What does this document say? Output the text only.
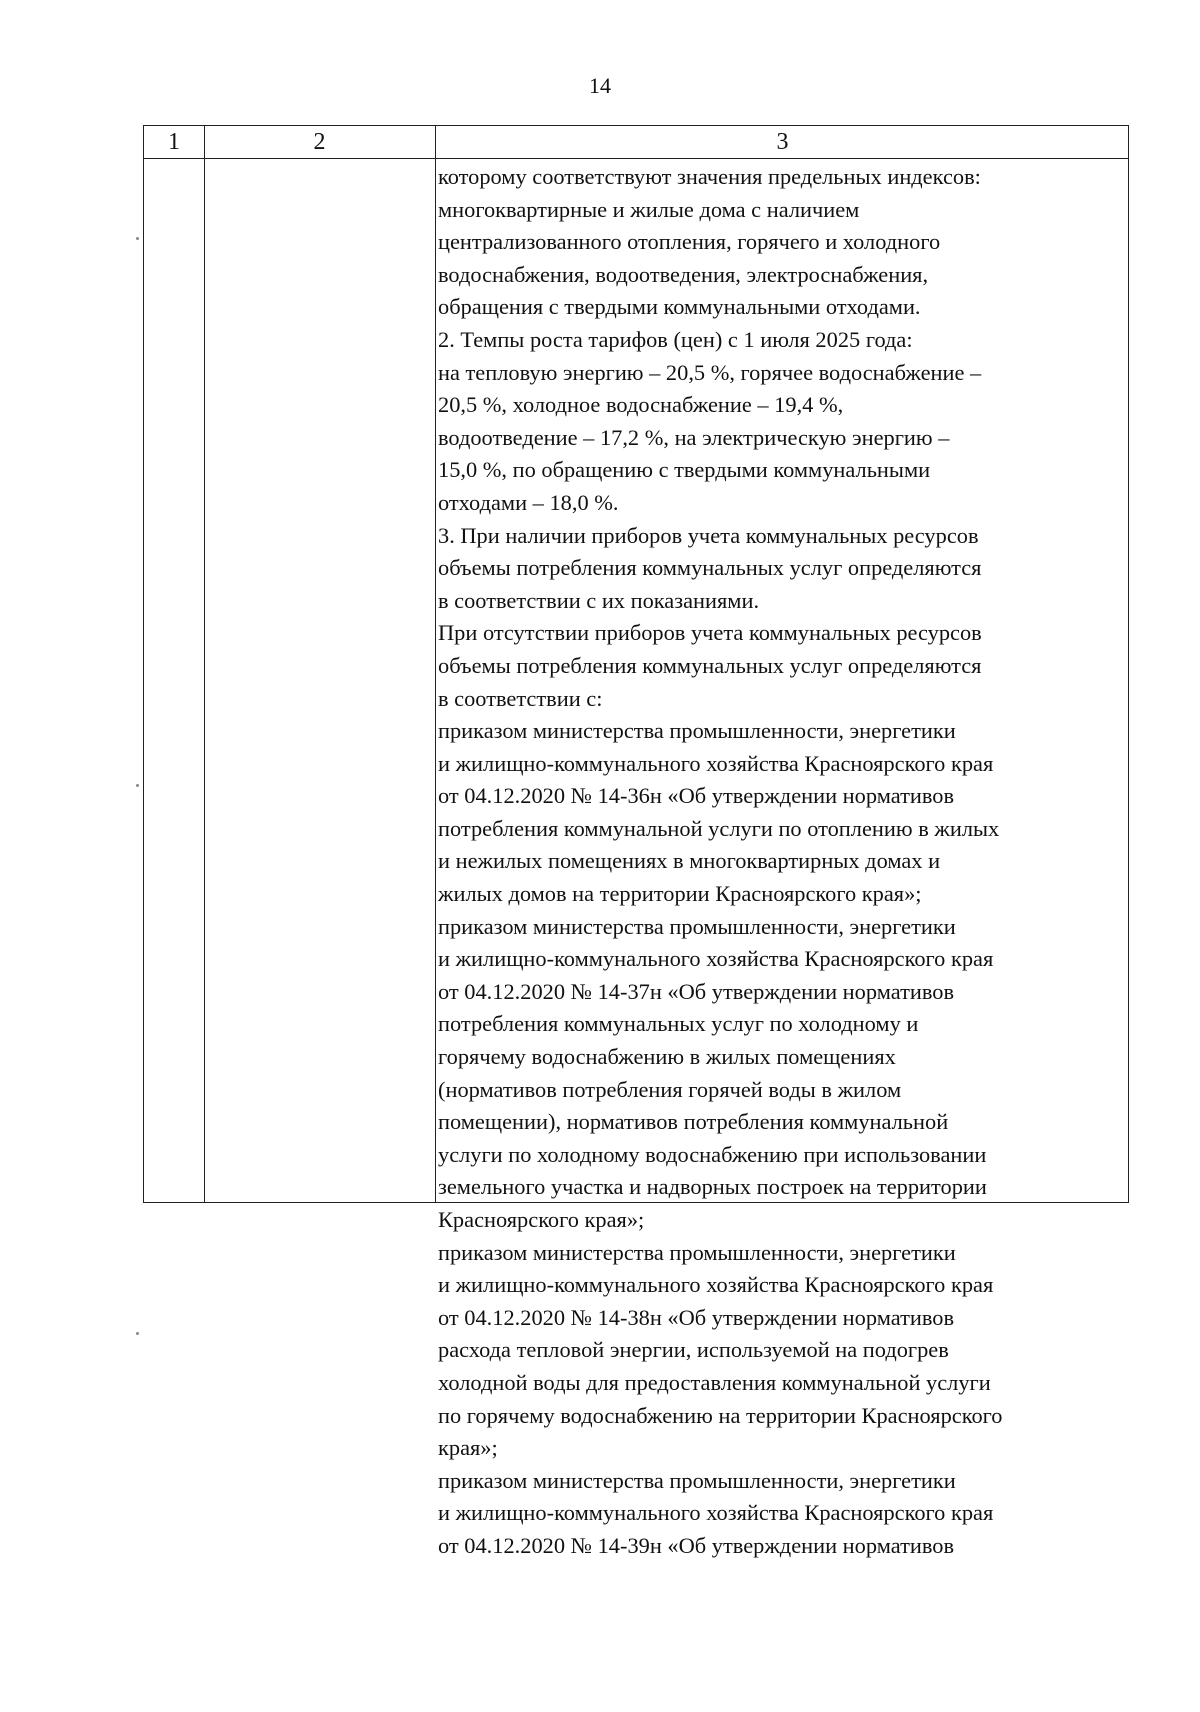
14
1	2	3
которому соответствуют значения предельных индексов:
многоквартирные и жилые дома с наличием
централизованного отопления, горячего и холодного
водоснабжения, водоотведения, электроснабжения,
обращения с твердыми коммунальными отходами.
2. Темпы роста тарифов (цен) с 1 июля 2025 года:
на тепловую энергию – 20,5 %, горячее водоснабжение –
20,5 %, холодное водоснабжение – 19,4 %,
водоотведение – 17,2 %, на электрическую энергию –
15,0 %, по обращению с твердыми коммунальными
отходами – 18,0 %.
3. При наличии приборов учета коммунальных ресурсов
объемы потребления коммунальных услуг определяются
в соответствии с их показаниями.
При отсутствии приборов учета коммунальных ресурсов
объемы потребления коммунальных услуг определяются
в соответствии с:
приказом министерства промышленности, энергетики
и жилищно-коммунального хозяйства Красноярского края
от 04.12.2020 № 14-36н «Об утверждении нормативов
потребления коммунальной услуги по отоплению в жилых
и нежилых помещениях в многоквартирных домах и
жилых домов на территории Красноярского края»;
приказом министерства промышленности, энергетики
и жилищно-коммунального хозяйства Красноярского края
от 04.12.2020 № 14-37н «Об утверждении нормативов
потребления коммунальных услуг по холодному и
горячему водоснабжению в жилых помещениях
(нормативов потребления горячей воды в жилом
помещении), нормативов потребления коммунальной
услуги по холодному водоснабжению при использовании
земельного участка и надворных построек на территории
Красноярского края»;
приказом министерства промышленности, энергетики
и жилищно-коммунального хозяйства Красноярского края
от 04.12.2020 № 14-38н «Об утверждении нормативов
расхода тепловой энергии, используемой на подогрев
холодной воды для предоставления коммунальной услуги
по горячему водоснабжению на территории Красноярского
края»;
приказом министерства промышленности, энергетики
и жилищно-коммунального хозяйства Красноярского края
от 04.12.2020 № 14-39н «Об утверждении нормативов
